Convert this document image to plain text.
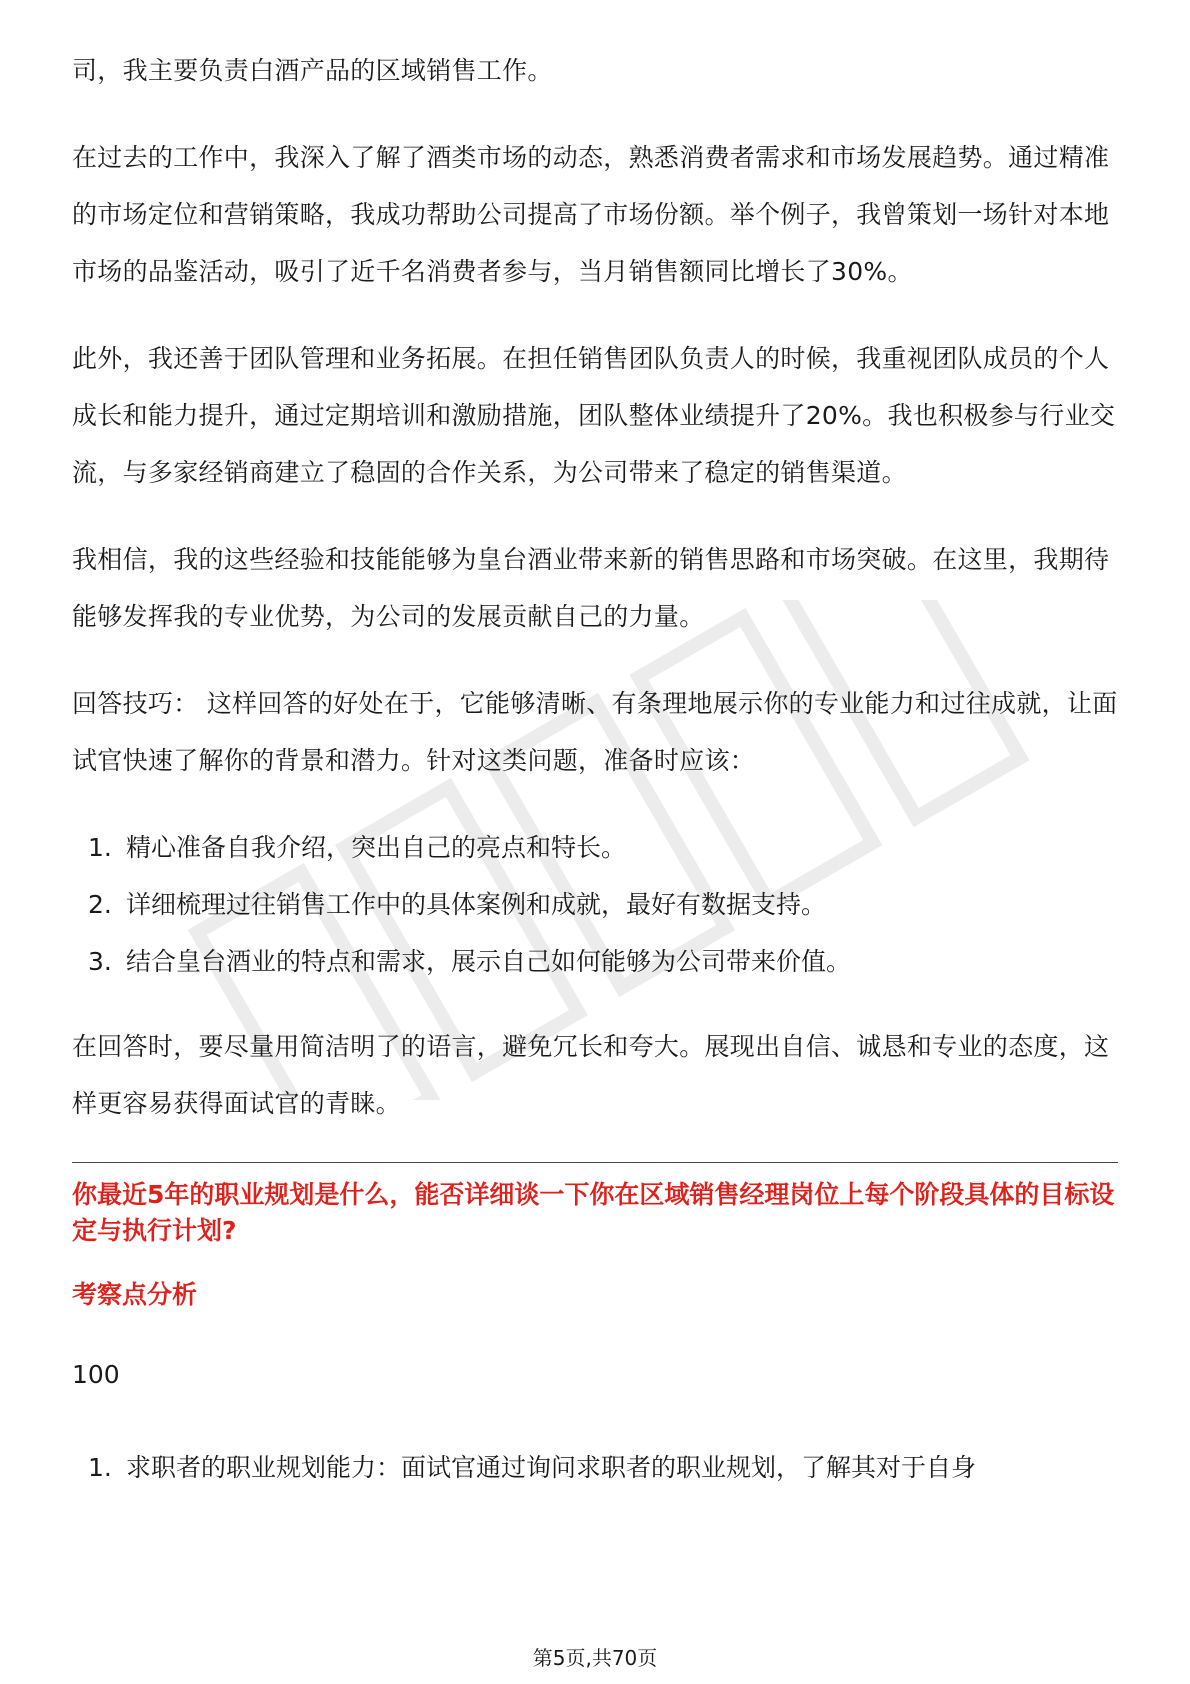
司，我主要负责白酒产品的区域销售工作。

在过去的工作中，我深入了解了酒类市场的动态，熟悉消费者需求和市场发展趋势。通过精准的市场定位和营销策略，我成功帮助公司提高了市场份额。举个例子，我曾策划一场针对本地市场的品鉴活动，吸引了近千名消费者参与，当月销售额同比增长了30%。

此外，我还善于团队管理和业务拓展。在担任销售团队负责人的时候，我重视团队成员的个人成长和能力提升，通过定期培训和激励措施，团队整体业绩提升了20%。我也积极参与行业交流，与多家经销商建立了稳固的合作关系，为公司带来了稳定的销售渠道。

我相信，我的这些经验和技能能够为皇台酒业带来新的销售思路和市场突破。在这里，我期待能够发挥我的专业优势，为公司的发展贡献自己的力量。

回答技巧： 这样回答的好处在于，它能够清晰、有条理地展示你的专业能力和过往成就，让面试官快速了解你的背景和潜力。针对这类问题，准备时应该：

1. 精心准备自我介绍，突出自己的亮点和特长。
2. 详细梳理过往销售工作中的具体案例和成就，最好有数据支持。
3. 结合皇台酒业的特点和需求，展示自己如何能够为公司带来价值。

在回答时，要尽量用简洁明了的语言，避免冗长和夸大。展现出自信、诚恳和专业的态度，这样更容易获得面试官的青睐。

你最近5年的职业规划是什么，能否详细谈一下你在区域销售经理岗位上每个阶段具体的目标设定与执行计划?
考察点分析
100
1. 求职者的职业规划能力：面试官通过询问求职者的职业规划，了解其对于自身
第5页,共70页
